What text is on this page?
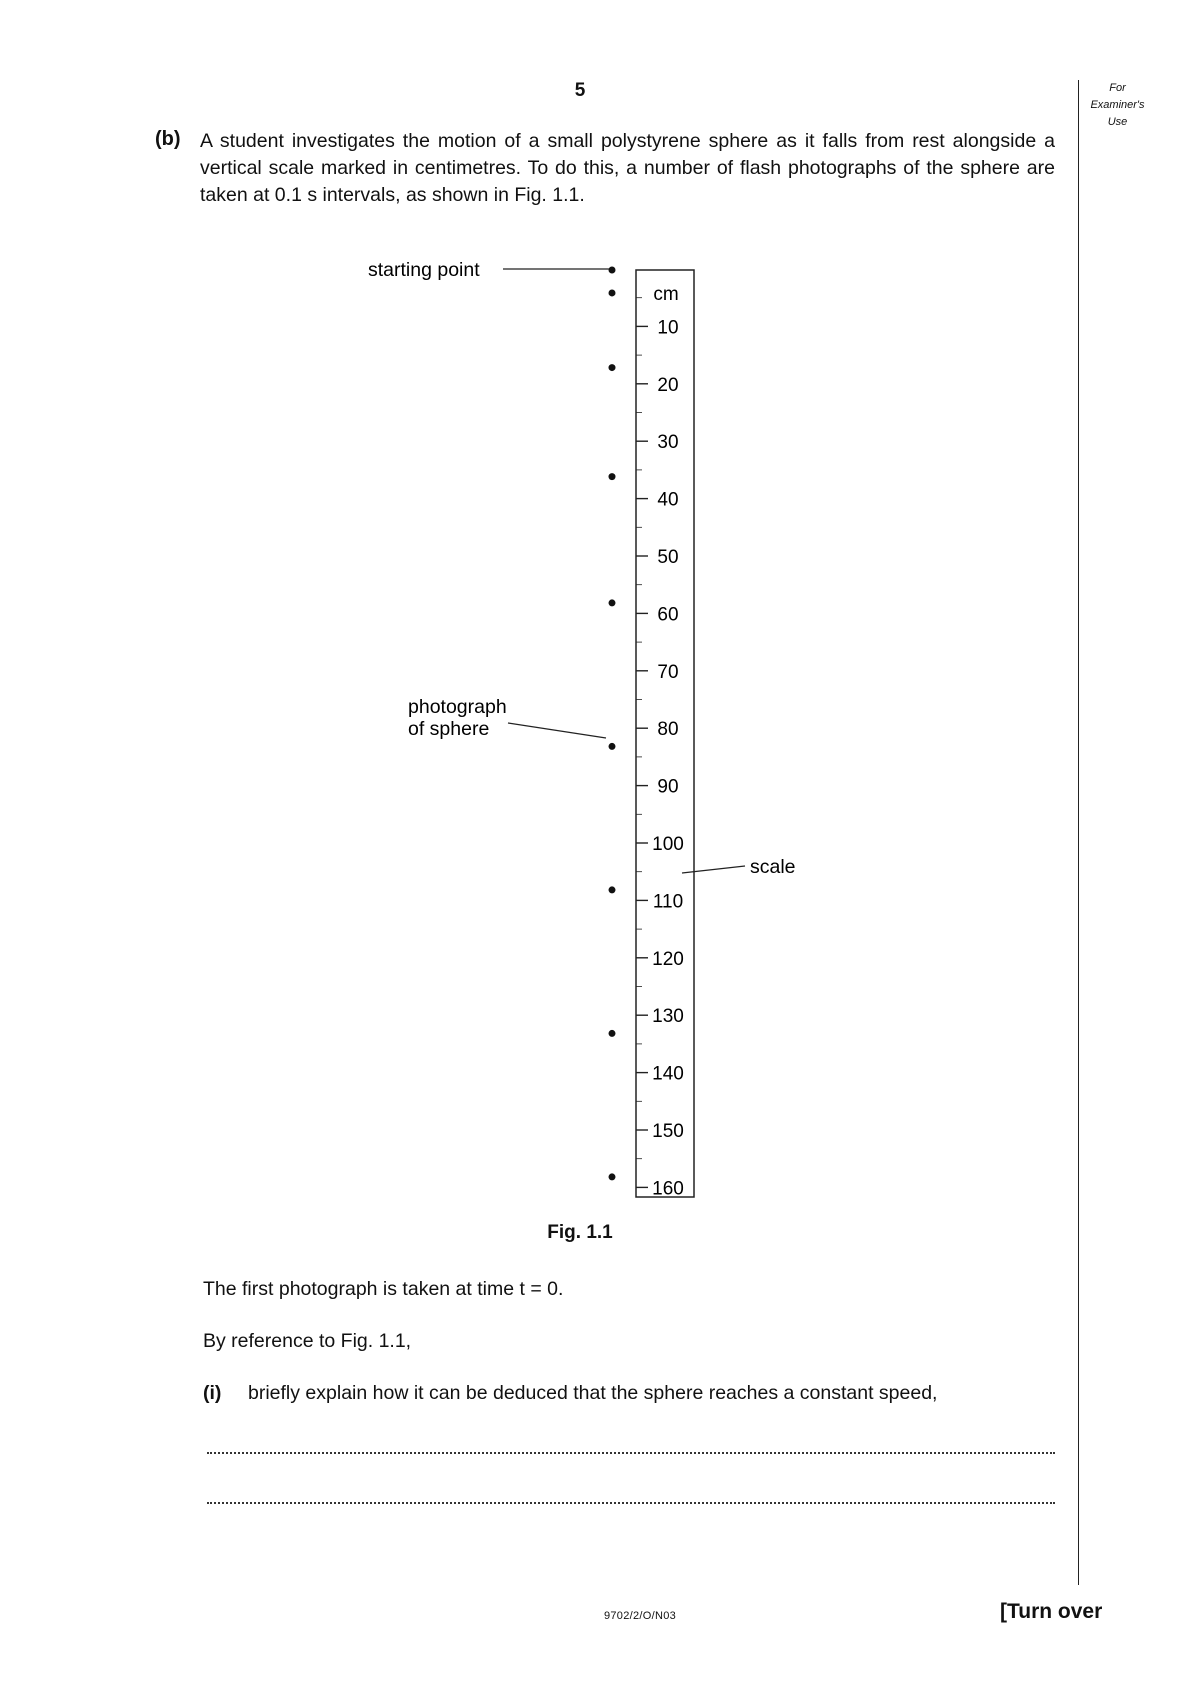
5	For
Examiner's
Use
(b) A student investigates the motion of a small polystyrene sphere as it falls from rest alongside a vertical scale marked in centimetres. To do this, a number of flash photographs of the sphere are taken at 0.1 s intervals, as shown in Fig. 1.1.
cm
10
20
30
40
50
60
70
80
90
100
110
120
130
140
150
160
starting point
photograph
of sphere
scale
Fig. 1.1
The first photograph is taken at time t = 0.
By reference to Fig. 1.1,
(i) briefly explain how it can be deduced that the sphere reaches a constant speed,
9702/2/O/N03	[Turn over
